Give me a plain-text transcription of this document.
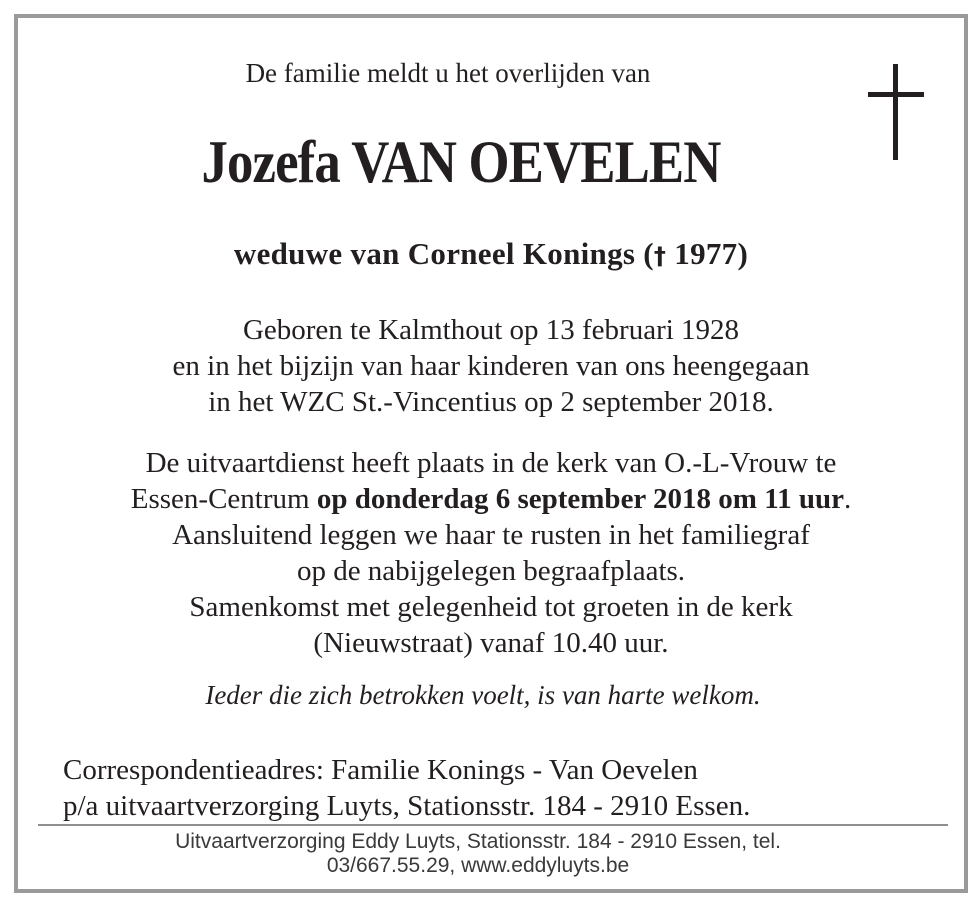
De familie meldt u het overlijden van
Jozefa VAN OEVELEN
weduwe van Corneel Konings († 1977)
Geboren te Kalmthout op 13 februari 1928
en in het bijzijn van haar kinderen van ons heengegaan
in het WZC St.-Vincentius op 2 september 2018.
De uitvaartdienst heeft plaats in de kerk van O.-L-Vrouw te
Essen-Centrum op donderdag 6 september 2018 om 11 uur.
Aansluitend leggen we haar te rusten in het familiegraf
op de nabijgelegen begraafplaats.
Samenkomst met gelegenheid tot groeten in de kerk
(Nieuwstraat) vanaf 10.40 uur.
Ieder die zich betrokken voelt, is van harte welkom.
Correspondentieadres: Familie Konings - Van Oevelen
p/a uitvaartverzorging Luyts, Stationsstr. 184 - 2910 Essen.
Uitvaartverzorging Eddy Luyts, Stationsstr. 184 - 2910 Essen, tel.
03/667.55.29, www.eddyluyts.be
